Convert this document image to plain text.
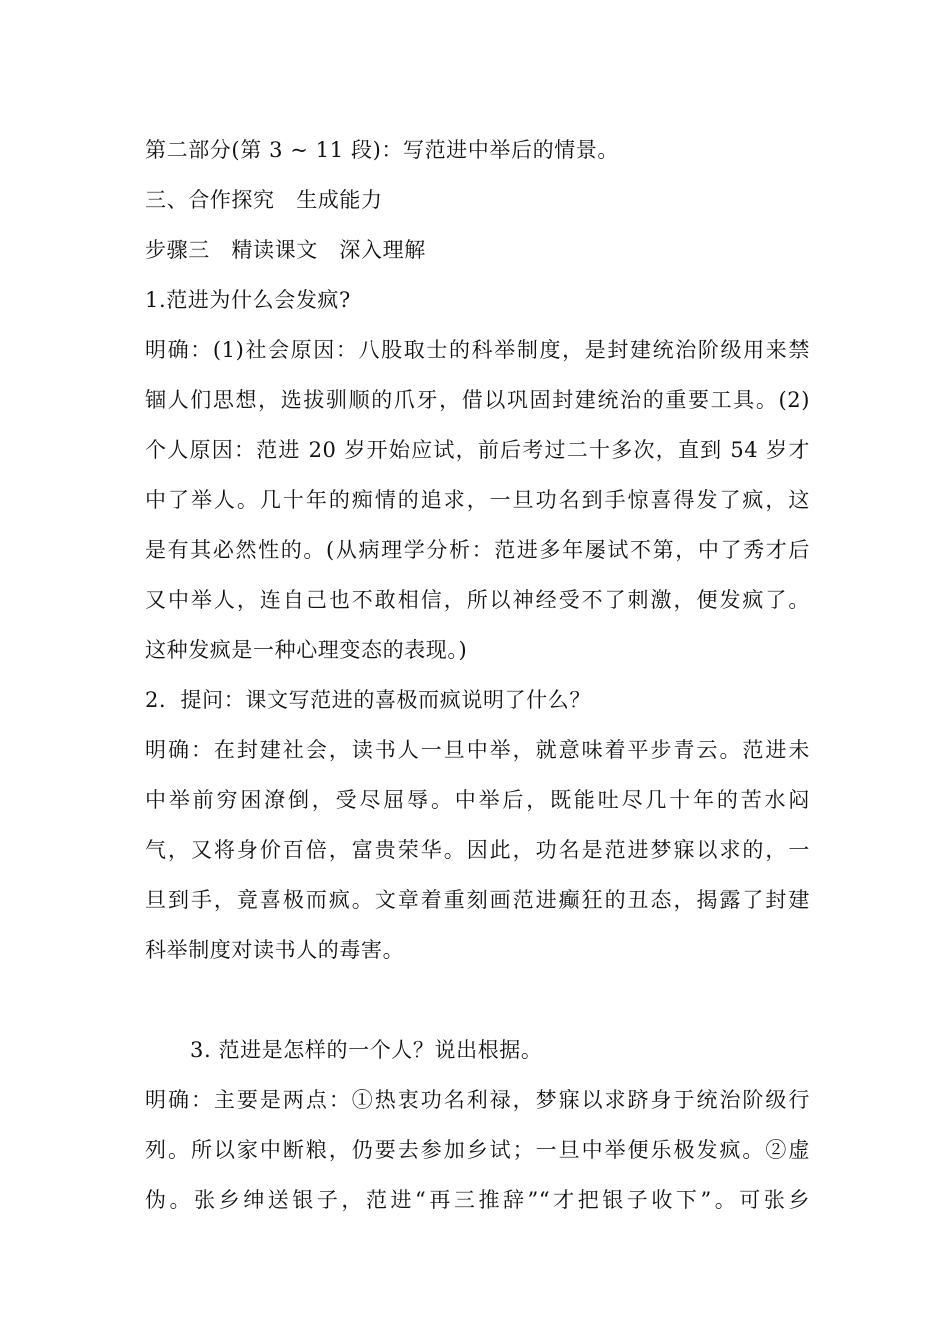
第二部分(第 3 ~ 11 段)：写范进中举后的情景。
三、合作探究　生成能力
步骤三　精读课文　深入理解
1.范进为什么会发疯?
明确：(1)社会原因：八股取士的科举制度，是封建统治阶级用来禁
锢人们思想，选拔驯顺的爪牙，借以巩固封建统治的重要工具。(2)
个人原因：范进 20 岁开始应试，前后考过二十多次，直到 54 岁才
中了举人。几十年的痴情的追求，一旦功名到手惊喜得发了疯，这
是有其必然性的。(从病理学分析：范进多年屡试不第，中了秀才后
又中举人，连自己也不敢相信，所以神经受不了刺激，便发疯了。
这种发疯是一种心理变态的表现。)
2．提问：课文写范进的喜极而疯说明了什么？
明确：在封建社会，读书人一旦中举，就意味着平步青云。范进未
中举前穷困潦倒，受尽屈辱。中举后，既能吐尽几十年的苦水闷
气，又将身价百倍，富贵荣华。因此，功名是范进梦寐以求的，一
旦到手，竟喜极而疯。文章着重刻画范进癫狂的丑态，揭露了封建
科举制度对读书人的毒害。
3. 范进是怎样的一个人？说出根据。
明确：主要是两点：①热衷功名利禄，梦寐以求跻身于统治阶级行
列。所以家中断粮，仍要去参加乡试；一旦中举便乐极发疯。②虚
伪。张乡绅送银子，范进“再三推辞”“才把银子收下”。可张乡
